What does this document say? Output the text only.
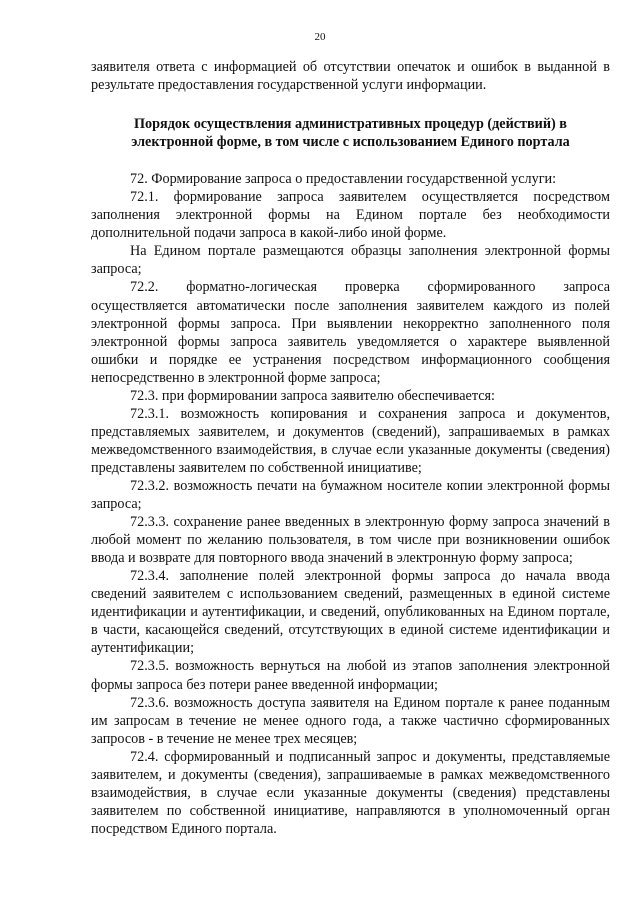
20

заявителя ответа с информацией об отсутствии опечаток и ошибок в выданной в результате предоставления государственной услуги информации.

Порядок осуществления административных процедур (действий) в
электронной форме, в том числе с использованием Единого портала

72. Формирование запроса о предоставлении государственной услуги:

72.1. формирование запроса заявителем осуществляется посредством заполнения электронной формы на Едином портале без необходимости дополнительной подачи запроса в какой-либо иной форме.

На Едином портале размещаются образцы заполнения электронной формы запроса;

72.2. форматно-логическая проверка сформированного запроса осуществляется автоматически после заполнения заявителем каждого из полей электронной формы запроса. При выявлении некорректно заполненного поля электронной формы запроса заявитель уведомляется о характере выявленной ошибки и порядке ее устранения посредством информационного сообщения непосредственно в электронной форме запроса;

72.3. при формировании запроса заявителю обеспечивается:

72.3.1. возможность копирования и сохранения запроса и документов, представляемых заявителем, и документов (сведений), запрашиваемых в рамках межведомственного взаимодействия, в случае если указанные документы (сведения) представлены заявителем по собственной инициативе;

72.3.2. возможность печати на бумажном носителе копии электронной формы запроса;

72.3.3. сохранение ранее введенных в электронную форму запроса значений в любой момент по желанию пользователя, в том числе при возникновении ошибок ввода и возврате для повторного ввода значений в электронную форму запроса;

72.3.4. заполнение полей электронной формы запроса до начала ввода сведений заявителем с использованием сведений, размещенных в единой системе идентификации и аутентификации, и сведений, опубликованных на Едином портале, в части, касающейся сведений, отсутствующих в единой системе идентификации и аутентификации;

72.3.5. возможность вернуться на любой из этапов заполнения электронной формы запроса без потери ранее введенной информации;

72.3.6. возможность доступа заявителя на Едином портале к ранее поданным им запросам в течение не менее одного года, а также частично сформированных запросов - в течение не менее трех месяцев;

72.4. сформированный и подписанный запрос и документы, представляемые заявителем, и документы (сведения), запрашиваемые в рамках межведомственного взаимодействия, в случае если указанные документы (сведения) представлены заявителем по собственной инициативе, направляются в уполномоченный орган посредством Единого портала.
